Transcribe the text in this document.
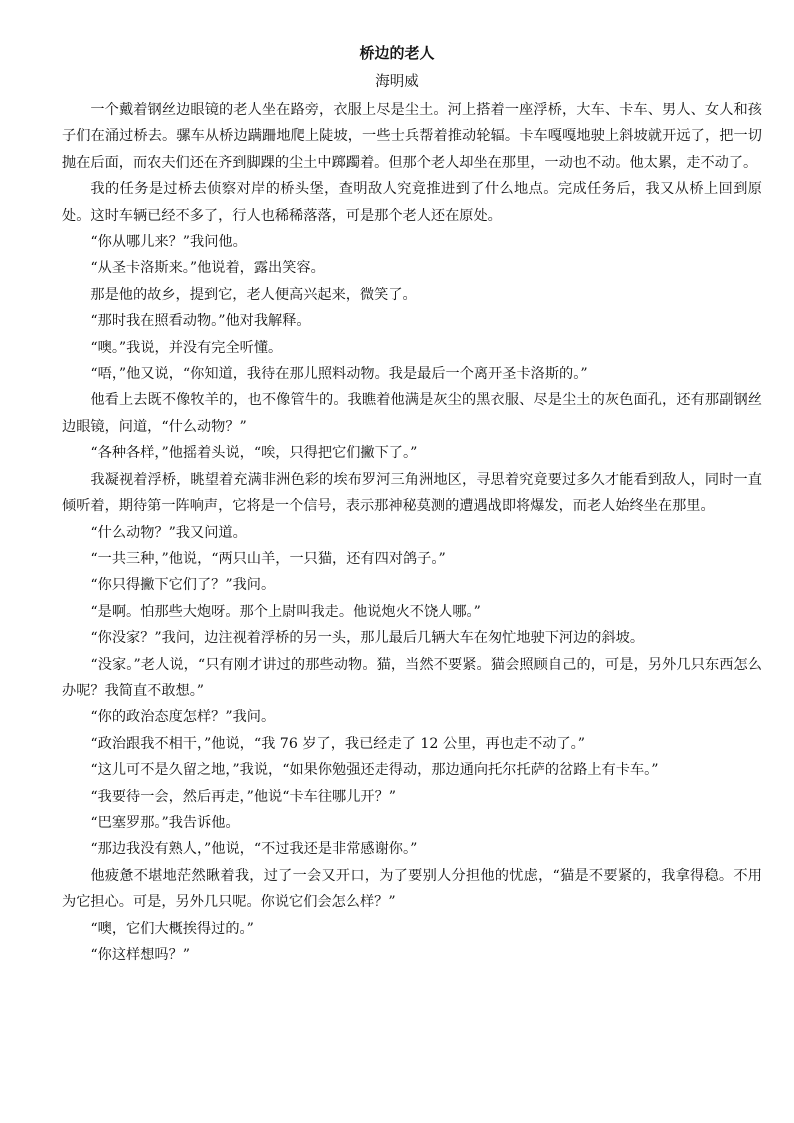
桥边的老人
海明威

一个戴着钢丝边眼镜的老人坐在路旁，衣服上尽是尘土。河上搭着一座浮桥，大车、卡车、男人、女人和孩子们在涌过桥去。骡车从桥边蹒跚地爬上陡坡，一些士兵帮着推动轮辐。卡车嘎嘎地驶上斜坡就开远了，把一切抛在后面，而农夫们还在齐到脚踝的尘土中踯躅着。但那个老人却坐在那里，一动也不动。他太累，走不动了。

我的任务是过桥去侦察对岸的桥头堡，查明敌人究竟推进到了什么地点。完成任务后，我又从桥上回到原处。这时车辆已经不多了，行人也稀稀落落，可是那个老人还在原处。

“你从哪儿来？”我问他。

“从圣卡洛斯来。”他说着，露出笑容。

那是他的故乡，提到它，老人便高兴起来，微笑了。

“那时我在照看动物。”他对我解释。

“噢。”我说，并没有完全听懂。

“唔，”他又说，“你知道，我待在那儿照料动物。我是最后一个离开圣卡洛斯的。”

他看上去既不像牧羊的，也不像管牛的。我瞧着他满是灰尘的黑衣服、尽是尘土的灰色面孔，还有那副钢丝边眼镜，问道，“什么动物？”

“各种各样，”他摇着头说，“唉，只得把它们撇下了。”

我凝视着浮桥，眺望着充满非洲色彩的埃布罗河三角洲地区，寻思着究竟要过多久才能看到敌人，同时一直倾听着，期待第一阵响声，它将是一个信号，表示那神秘莫测的遭遇战即将爆发，而老人始终坐在那里。

“什么动物？”我又问道。

“一共三种，”他说，“两只山羊，一只猫，还有四对鸽子。”

“你只得撇下它们了？”我问。

“是啊。怕那些大炮呀。那个上尉叫我走。他说炮火不饶人哪。”

“你没家？”我问，边注视着浮桥的另一头，那儿最后几辆大车在匆忙地驶下河边的斜坡。

“没家。”老人说，“只有刚才讲过的那些动物。猫，当然不要紧。猫会照顾自己的，可是，另外几只东西怎么办呢？我简直不敢想。”

“你的政治态度怎样？”我问。

“政治跟我不相干，”他说，“我 76 岁了，我已经走了 12 公里，再也走不动了。”

“这儿可不是久留之地，”我说，“如果你勉强还走得动，那边通向托尔托萨的岔路上有卡车。”

“我要待一会，然后再走，”他说“卡车往哪儿开？”

“巴塞罗那。”我告诉他。

“那边我没有熟人，”他说，“不过我还是非常感谢你。”

他疲惫不堪地茫然瞅着我，过了一会又开口，为了要别人分担他的忧虑，“猫是不要紧的，我拿得稳。不用为它担心。可是，另外几只呢。你说它们会怎么样？”

“噢，它们大概挨得过的。”

“你这样想吗？”
